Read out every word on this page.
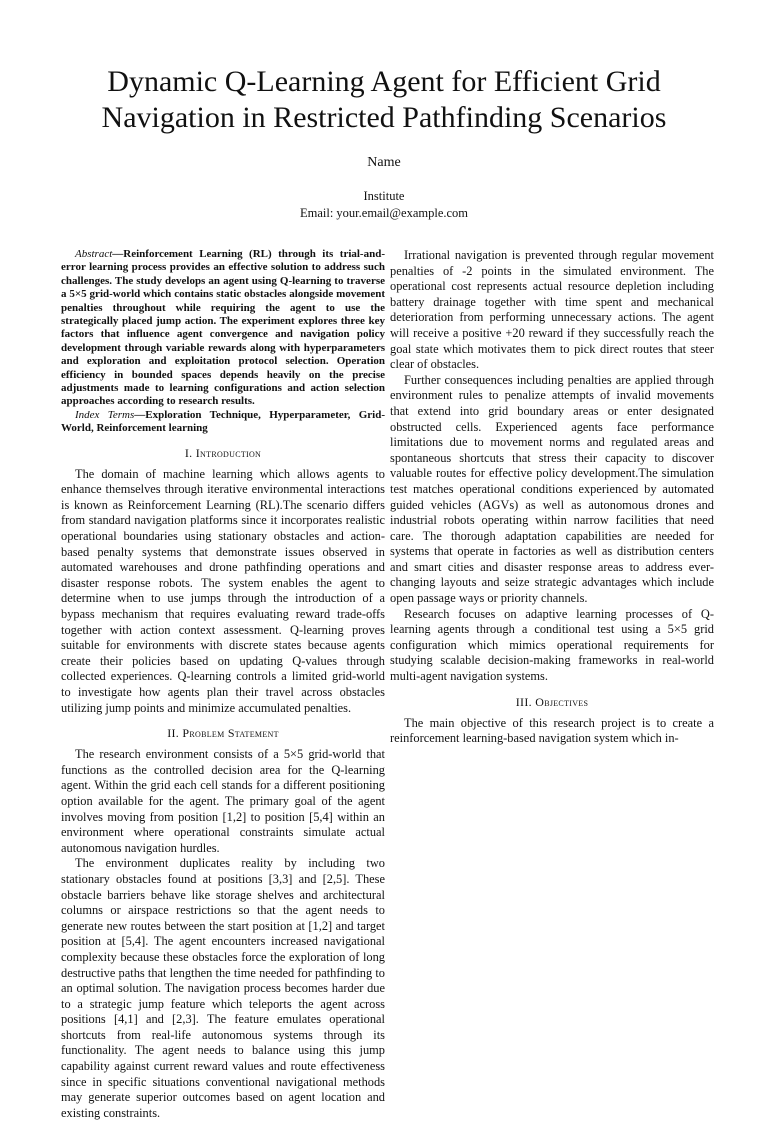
Dynamic Q-Learning Agent for Efficient Grid
Navigation in Restricted Pathfinding Scenarios
Name
Institute
Email: your.email@example.com

Abstract—Reinforcement Learning (RL) through its trial-and-error learning process provides an effective solution to address such challenges. The study develops an agent using Q-learning to traverse a 5×5 grid-world which contains static obstacles alongside movement penalties throughout while requiring the agent to use the strategically placed jump action. The experiment explores three key factors that influence agent convergence and navigation policy development through variable rewards along with hyperparameters and exploration and exploitation protocol selection. Operation efficiency in bounded spaces depends heavily on the precise adjustments made to learning configurations and action selection approaches according to research results.

Index Terms—Exploration Technique, Hyperparameter, Grid-World, Reinforcement learning

I. Introduction

The domain of machine learning which allows agents to enhance themselves through iterative environmental interactions is known as Reinforcement Learning (RL).The scenario differs from standard navigation platforms since it incorporates realistic operational boundaries using stationary obstacles and action-based penalty systems that demonstrate issues observed in automated warehouses and drone pathfinding operations and disaster response robots. The system enables the agent to determine when to use jumps through the introduction of a bypass mechanism that requires evaluating reward trade-offs together with action context assessment. Q-learning proves suitable for environments with discrete states because agents create their policies based on updating Q-values through collected experiences. Q-learning controls a limited grid-world to investigate how agents plan their travel across obstacles utilizing jump points and minimize accumulated penalties.

II. Problem Statement

The research environment consists of a 5×5 grid-world that functions as the controlled decision area for the Q-learning agent. Within the grid each cell stands for a different positioning option available for the agent. The primary goal of the agent involves moving from position [1,2] to position [5,4] within an environment where operational constraints simulate actual autonomous navigation hurdles.

The environment duplicates reality by including two stationary obstacles found at positions [3,3] and [2,5]. These obstacle barriers behave like storage shelves and architectural columns or airspace restrictions so that the agent needs to generate new routes between the start position at [1,2] and target position at [5,4]. The agent encounters increased navigational complexity because these obstacles force the exploration of long destructive paths that lengthen the time needed for pathfinding to an optimal solution. The navigation process becomes harder due to a strategic jump feature which teleports the agent across positions [4,1] and [2,3]. The feature emulates operational shortcuts from real-life autonomous systems through its functionality. The agent needs to balance using this jump capability against current reward values and route effectiveness since in specific situations conventional navigational methods may generate superior outcomes based on agent location and existing constraints.

Irrational navigation is prevented through regular movement penalties of -2 points in the simulated environment. The operational cost represents actual resource depletion including battery drainage together with time spent and mechanical deterioration from performing unnecessary actions. The agent will receive a positive +20 reward if they successfully reach the goal state which motivates them to pick direct routes that steer clear of obstacles.

Further consequences including penalties are applied through environment rules to penalize attempts of invalid movements that extend into grid boundary areas or enter designated obstructed cells. Experienced agents face performance limitations due to movement norms and regulated areas and spontaneous shortcuts that stress their capacity to discover valuable routes for effective policy development.The simulation test matches operational conditions experienced by automated guided vehicles (AGVs) as well as autonomous drones and industrial robots operating within narrow facilities that need care. The thorough adaptation capabilities are needed for systems that operate in factories as well as distribution centers and smart cities and disaster response areas to address ever-changing layouts and seize strategic advantages which include open passage ways or priority channels.

Research focuses on adaptive learning processes of Q-learning agents through a conditional test using a 5×5 grid configuration which mimics operational requirements for studying scalable decision-making frameworks in real-world multi-agent navigation systems.

III. Objectives

The main objective of this research project is to create a reinforcement learning-based navigation system which in-
